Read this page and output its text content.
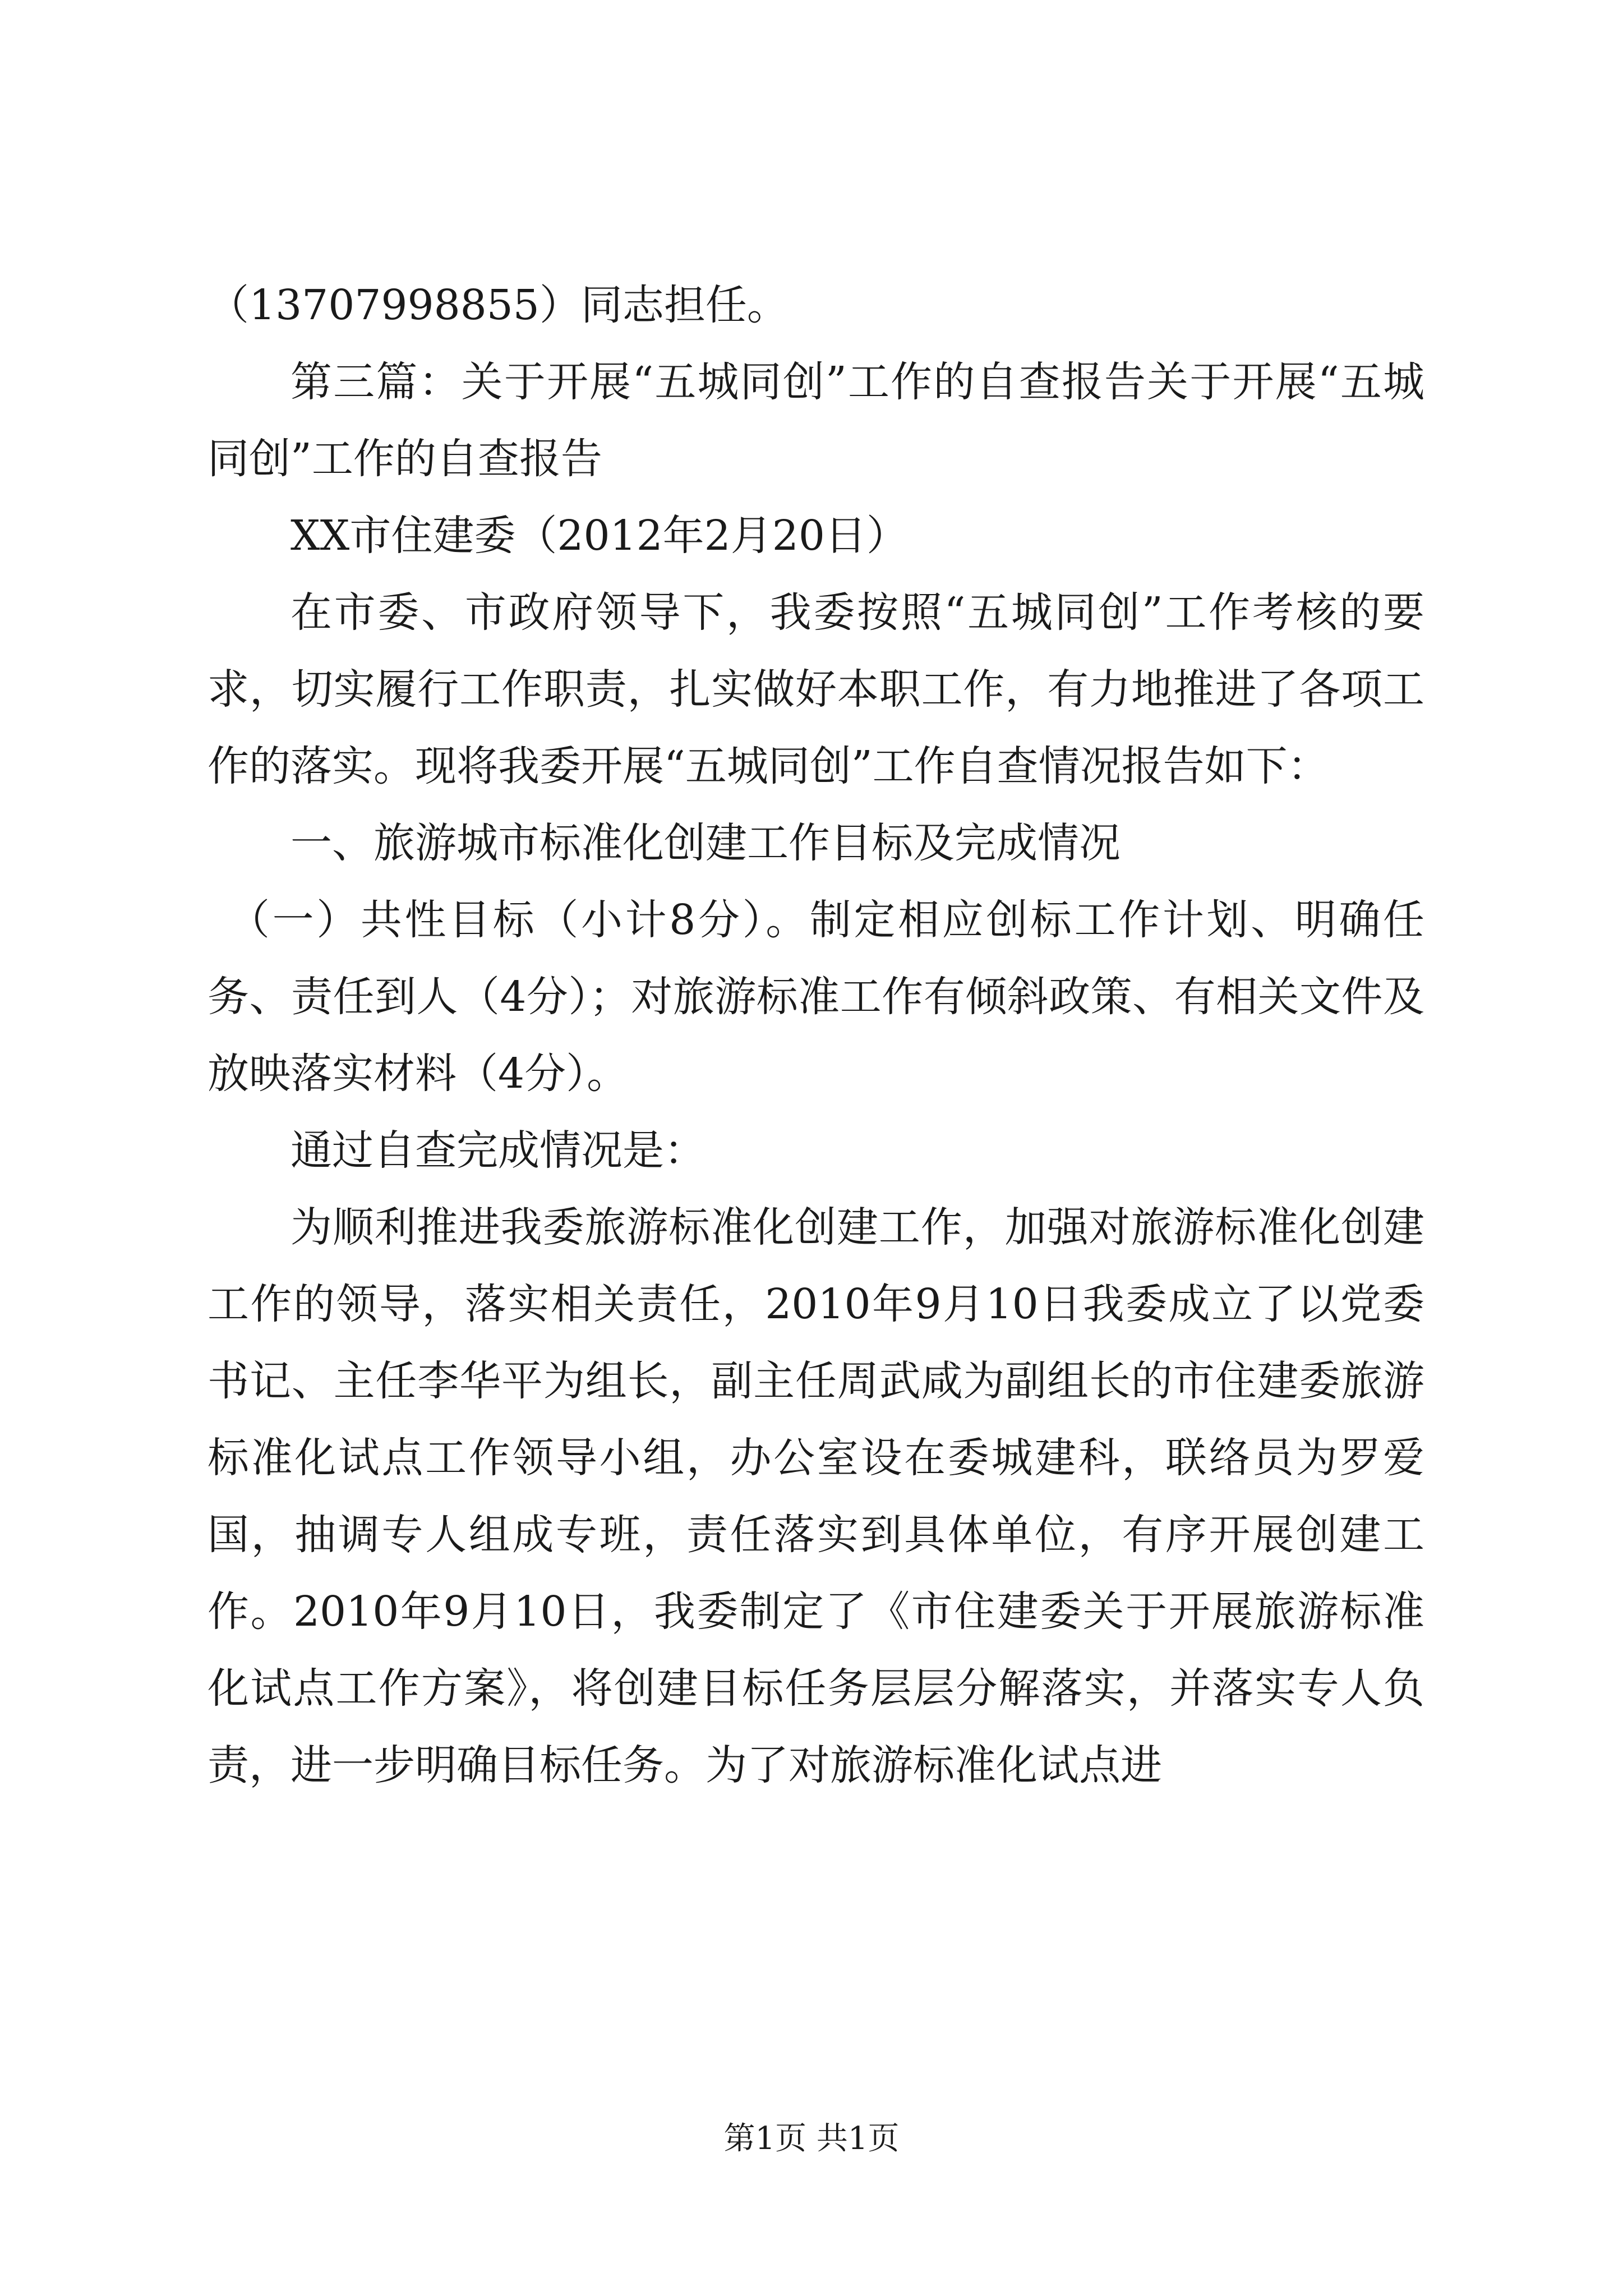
（13707998855）同志担任。

第三篇：关于开展“五城同创”工作的自查报告关于开展“五城同创”工作的自查报告

XX市住建委（2012年2月20日）

在市委、市政府领导下，我委按照“五城同创”工作考核的要求，切实履行工作职责，扎实做好本职工作，有力地推进了各项工作的落实。现将我委开展“五城同创”工作自查情况报告如下：

一、旅游城市标准化创建工作目标及完成情况

（一）共性目标（小计8分）。制定相应创标工作计划、明确任务、责任到人（4分）；对旅游标准工作有倾斜政策、有相关文件及放映落实材料（4分）。

通过自查完成情况是：

为顺利推进我委旅游标准化创建工作，加强对旅游标准化创建工作的领导，落实相关责任，2010年9月10日我委成立了以党委书记、主任李华平为组长，副主任周武咸为副组长的市住建委旅游标准化试点工作领导小组，办公室设在委城建科，联络员为罗爱国，抽调专人组成专班，责任落实到具体单位，有序开展创建工作。2010年9月10日，我委制定了《市住建委关于开展旅游标准化试点工作方案》，将创建目标任务层层分解落实，并落实专人负责，进一步明确目标任务。为了对旅游标准化试点进

第1页 共1页
